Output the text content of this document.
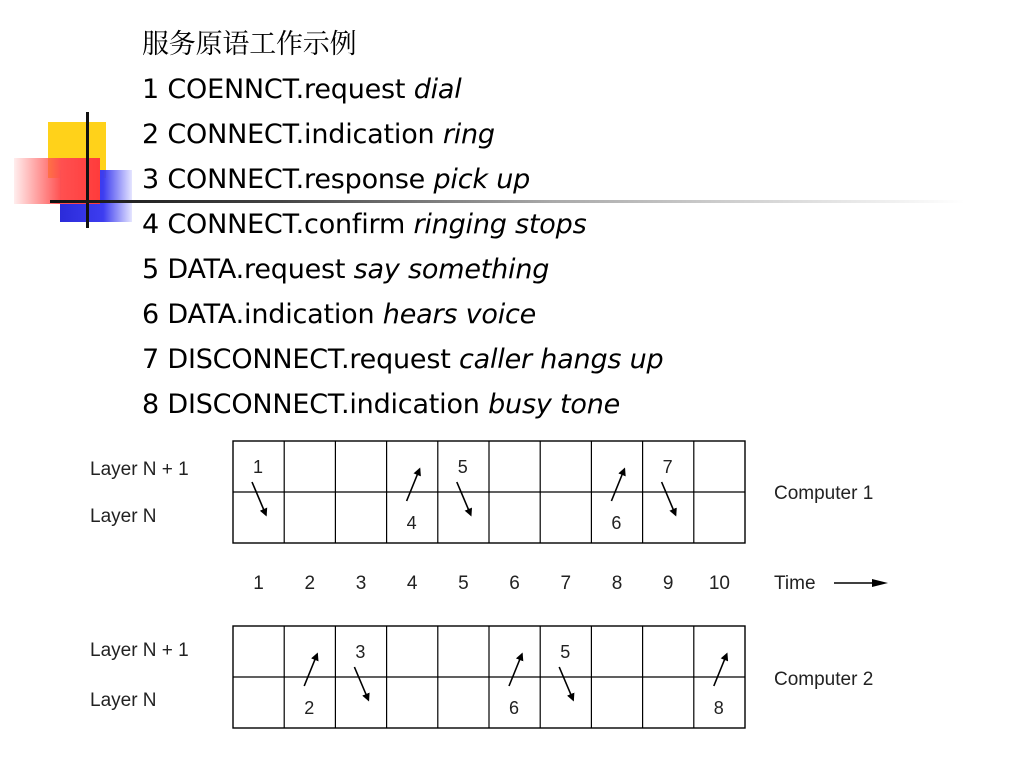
服务原语工作示例
1 COENNCT.request dial
2 CONNECT.indication ring
3 CONNECT.response pick up
4 CONNECT.confirm ringing stops
5 DATA.request say something
6 DATA.indication hears voice
7 DISCONNECT.request caller hangs up
8 DISCONNECT.indication busy tone
1
4
5
6
7
2
3
6
5
8
Layer N + 1
Layer N
Layer N + 1
Layer N
Computer 1
Computer 2
Time
1 2 3 4 5 6 7 8 9 10
